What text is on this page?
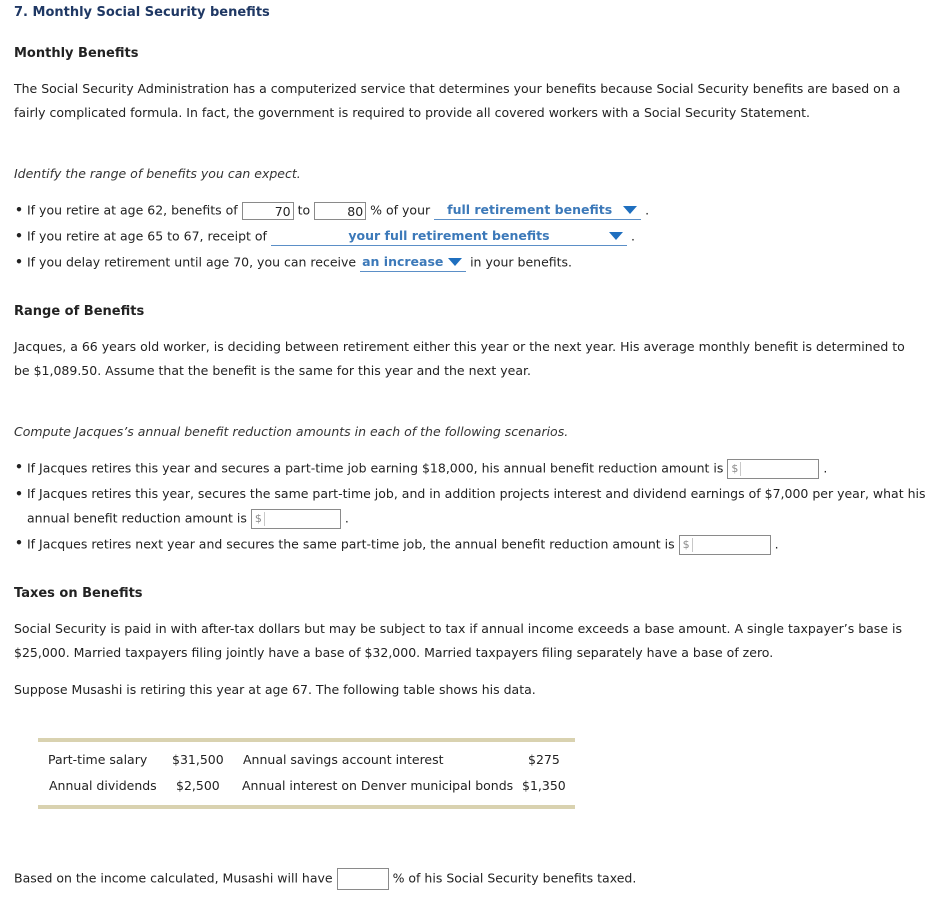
7. Monthly Social Security benefits
Monthly Benefits
The Social Security Administration has a computerized service that determines your benefits because Social Security benefits are based on a fairly complicated formula. In fact, the government is required to provide all covered workers with a Social Security Statement.
Identify the range of benefits you can expect.
• If you retire at age 62, benefits of	70 to	80 % of your full retirement benefits	.
• If you retire at age 65 to 67, receipt of	your full retirement benefits	.
• If you delay retirement until age 70, you can receive an increase in your benefits.
Range of Benefits
Jacques, a 66 years old worker, is deciding between retirement either this year or the next year. His average monthly benefit is determined to be $1,089.50. Assume that the benefit is the same for this year and the next year.
Compute Jacques’s annual benefit reduction amounts in each of the following scenarios.
• If Jacques retires this year and secures a part-time job earning $18,000, his annual benefit reduction amount is $	.
• If Jacques retires this year, secures the same part-time job, and in addition projects interest and dividend earnings of $7,000 per year, what his
annual benefit reduction amount is $	.
• If Jacques retires next year and secures the same part-time job, the annual benefit reduction amount is $	.
Taxes on Benefits
Social Security is paid in with after-tax dollars but may be subject to tax if annual income exceeds a base amount. A single taxpayer’s base is $25,000. Married taxpayers filing jointly have a base of $32,000. Married taxpayers filing separately have a base of zero.
Suppose Musashi is retiring this year at age 67. The following table shows his data.
Part-time salary $31,500 Annual savings account interest	$275
Annual dividends $2,500 Annual interest on Denver municipal bonds $1,350
Based on the income calculated, Musashi will have	% of his Social Security benefits taxed.
